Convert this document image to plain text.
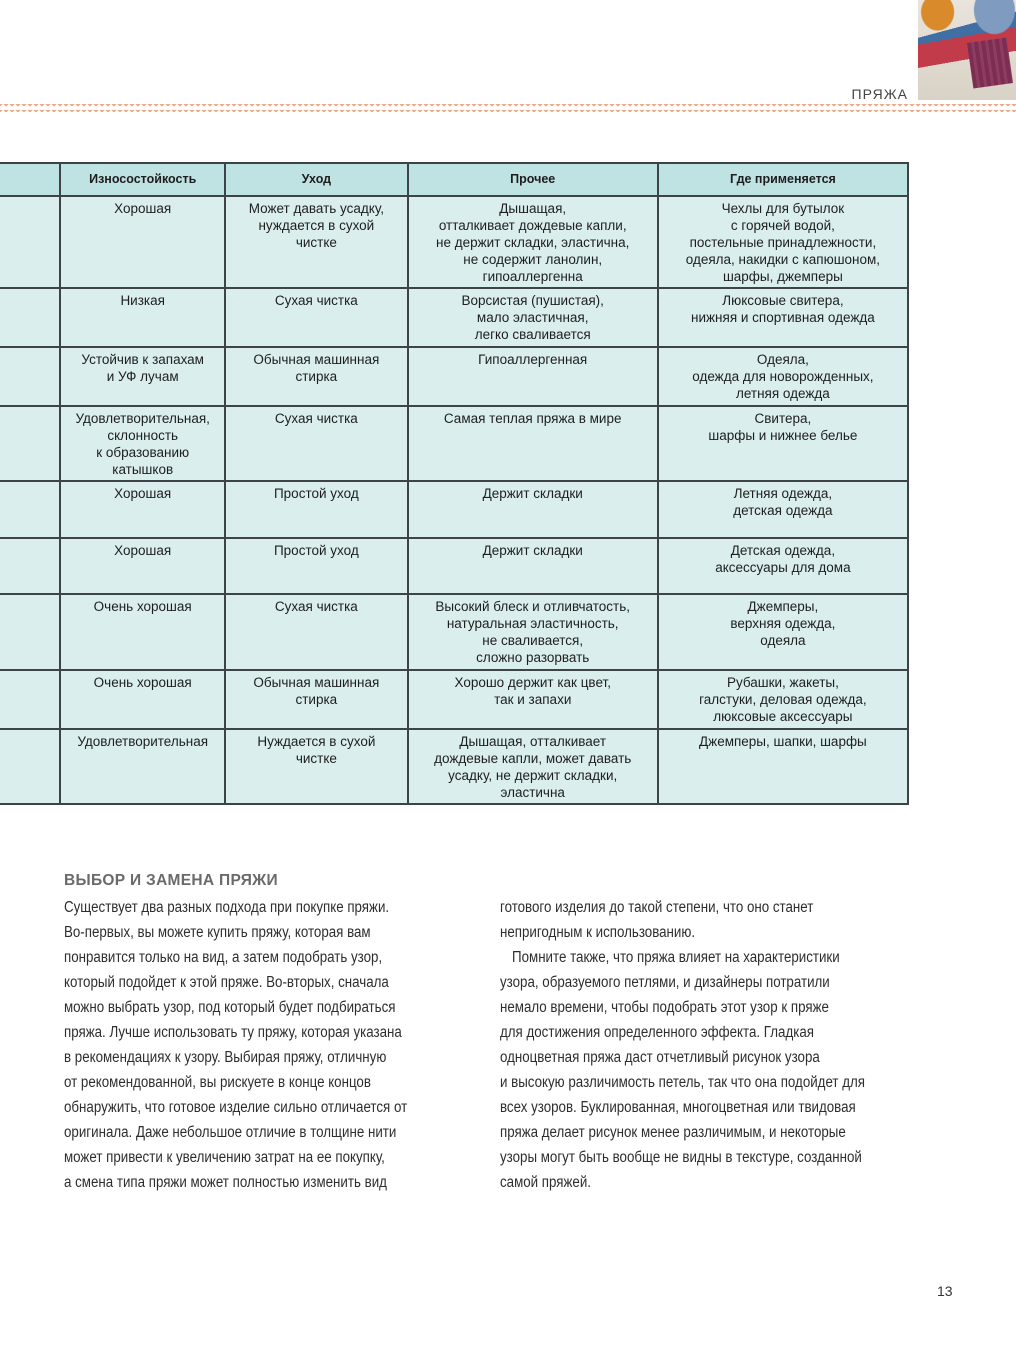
ПРЯЖА
	Износостойкость	Уход	Прочее	Где применяется
	Хорошая	Может давать усадку,
нуждается в сухой
чистке	Дышащая,
отталкивает дождевые капли,
не держит складки, эластична,
не содержит ланолин,
гипоаллергенна	Чехлы для бутылок
с горячей водой,
постельные принадлежности,
одеяла, накидки с капюшоном,
шарфы, джемперы
	Низкая	Сухая чистка	Ворсистая (пушистая),
мало эластичная,
легко сваливается	Люксовые свитера,
нижняя и спортивная одежда
	Устойчив к запахам
и УФ лучам	Обычная машинная
стирка	Гипоаллергенная	Одеяла,
одежда для новорожденных,
летняя одежда
	Удовлетворительная,
склонность
к образованию
катышков	Сухая чистка	Самая теплая пряжа в мире	Свитера,
шарфы и нижнее белье
	Хорошая	Простой уход	Держит складки	Летняя одежда,
детская одежда
	Хорошая	Простой уход	Держит складки	Детская одежда,
аксессуары для дома
	Очень хорошая	Сухая чистка	Высокий блеск и отливчатость,
натуральная эластичность,
не сваливается,
сложно разорвать	Джемперы,
верхняя одежда,
одеяла
	Очень хорошая	Обычная машинная
стирка	Хорошо держит как цвет,
так и запахи	Рубашки, жакеты,
галстуки, деловая одежда,
люксовые аксессуары
	Удовлетворительная	Нуждается в сухой
чистке	Дышащая, отталкивает
дождевые капли, может давать
усадку, не держит складки,
эластична	Джемперы, шапки, шарфы
ВЫБОР И ЗАМЕНА ПРЯЖИ
Существует два разных подхода при покупке пряжи.
Во-первых, вы можете купить пряжу, которая вам
понравится только на вид, а затем подобрать узор,
который подойдет к этой пряже. Во-вторых, сначала
можно выбрать узор, под который будет подбираться
пряжа. Лучше использовать ту пряжу, которая указана
в рекомендациях к узору. Выбирая пряжу, отличную
от рекомендованной, вы рискуете в конце концов
обнаружить, что готовое изделие сильно отличается от
оригинала. Даже небольшое отличие в толщине нити
может привести к увеличению затрат на ее покупку,
а смена типа пряжи может полностью изменить вид
готового изделия до такой степени, что оно станет
непригодным к использованию.
Помните также, что пряжа влияет на характеристики
узора, образуемого петлями, и дизайнеры потратили
немало времени, чтобы подобрать этот узор к пряже
для достижения определенного эффекта. Гладкая
одноцветная пряжа даст отчетливый рисунок узора
и высокую различимость петель, так что она подойдет для
всех узоров. Буклированная, многоцветная или твидовая
пряжа делает рисунок менее различимым, и некоторые
узоры могут быть вообще не видны в текстуре, созданной
самой пряжей.
13
